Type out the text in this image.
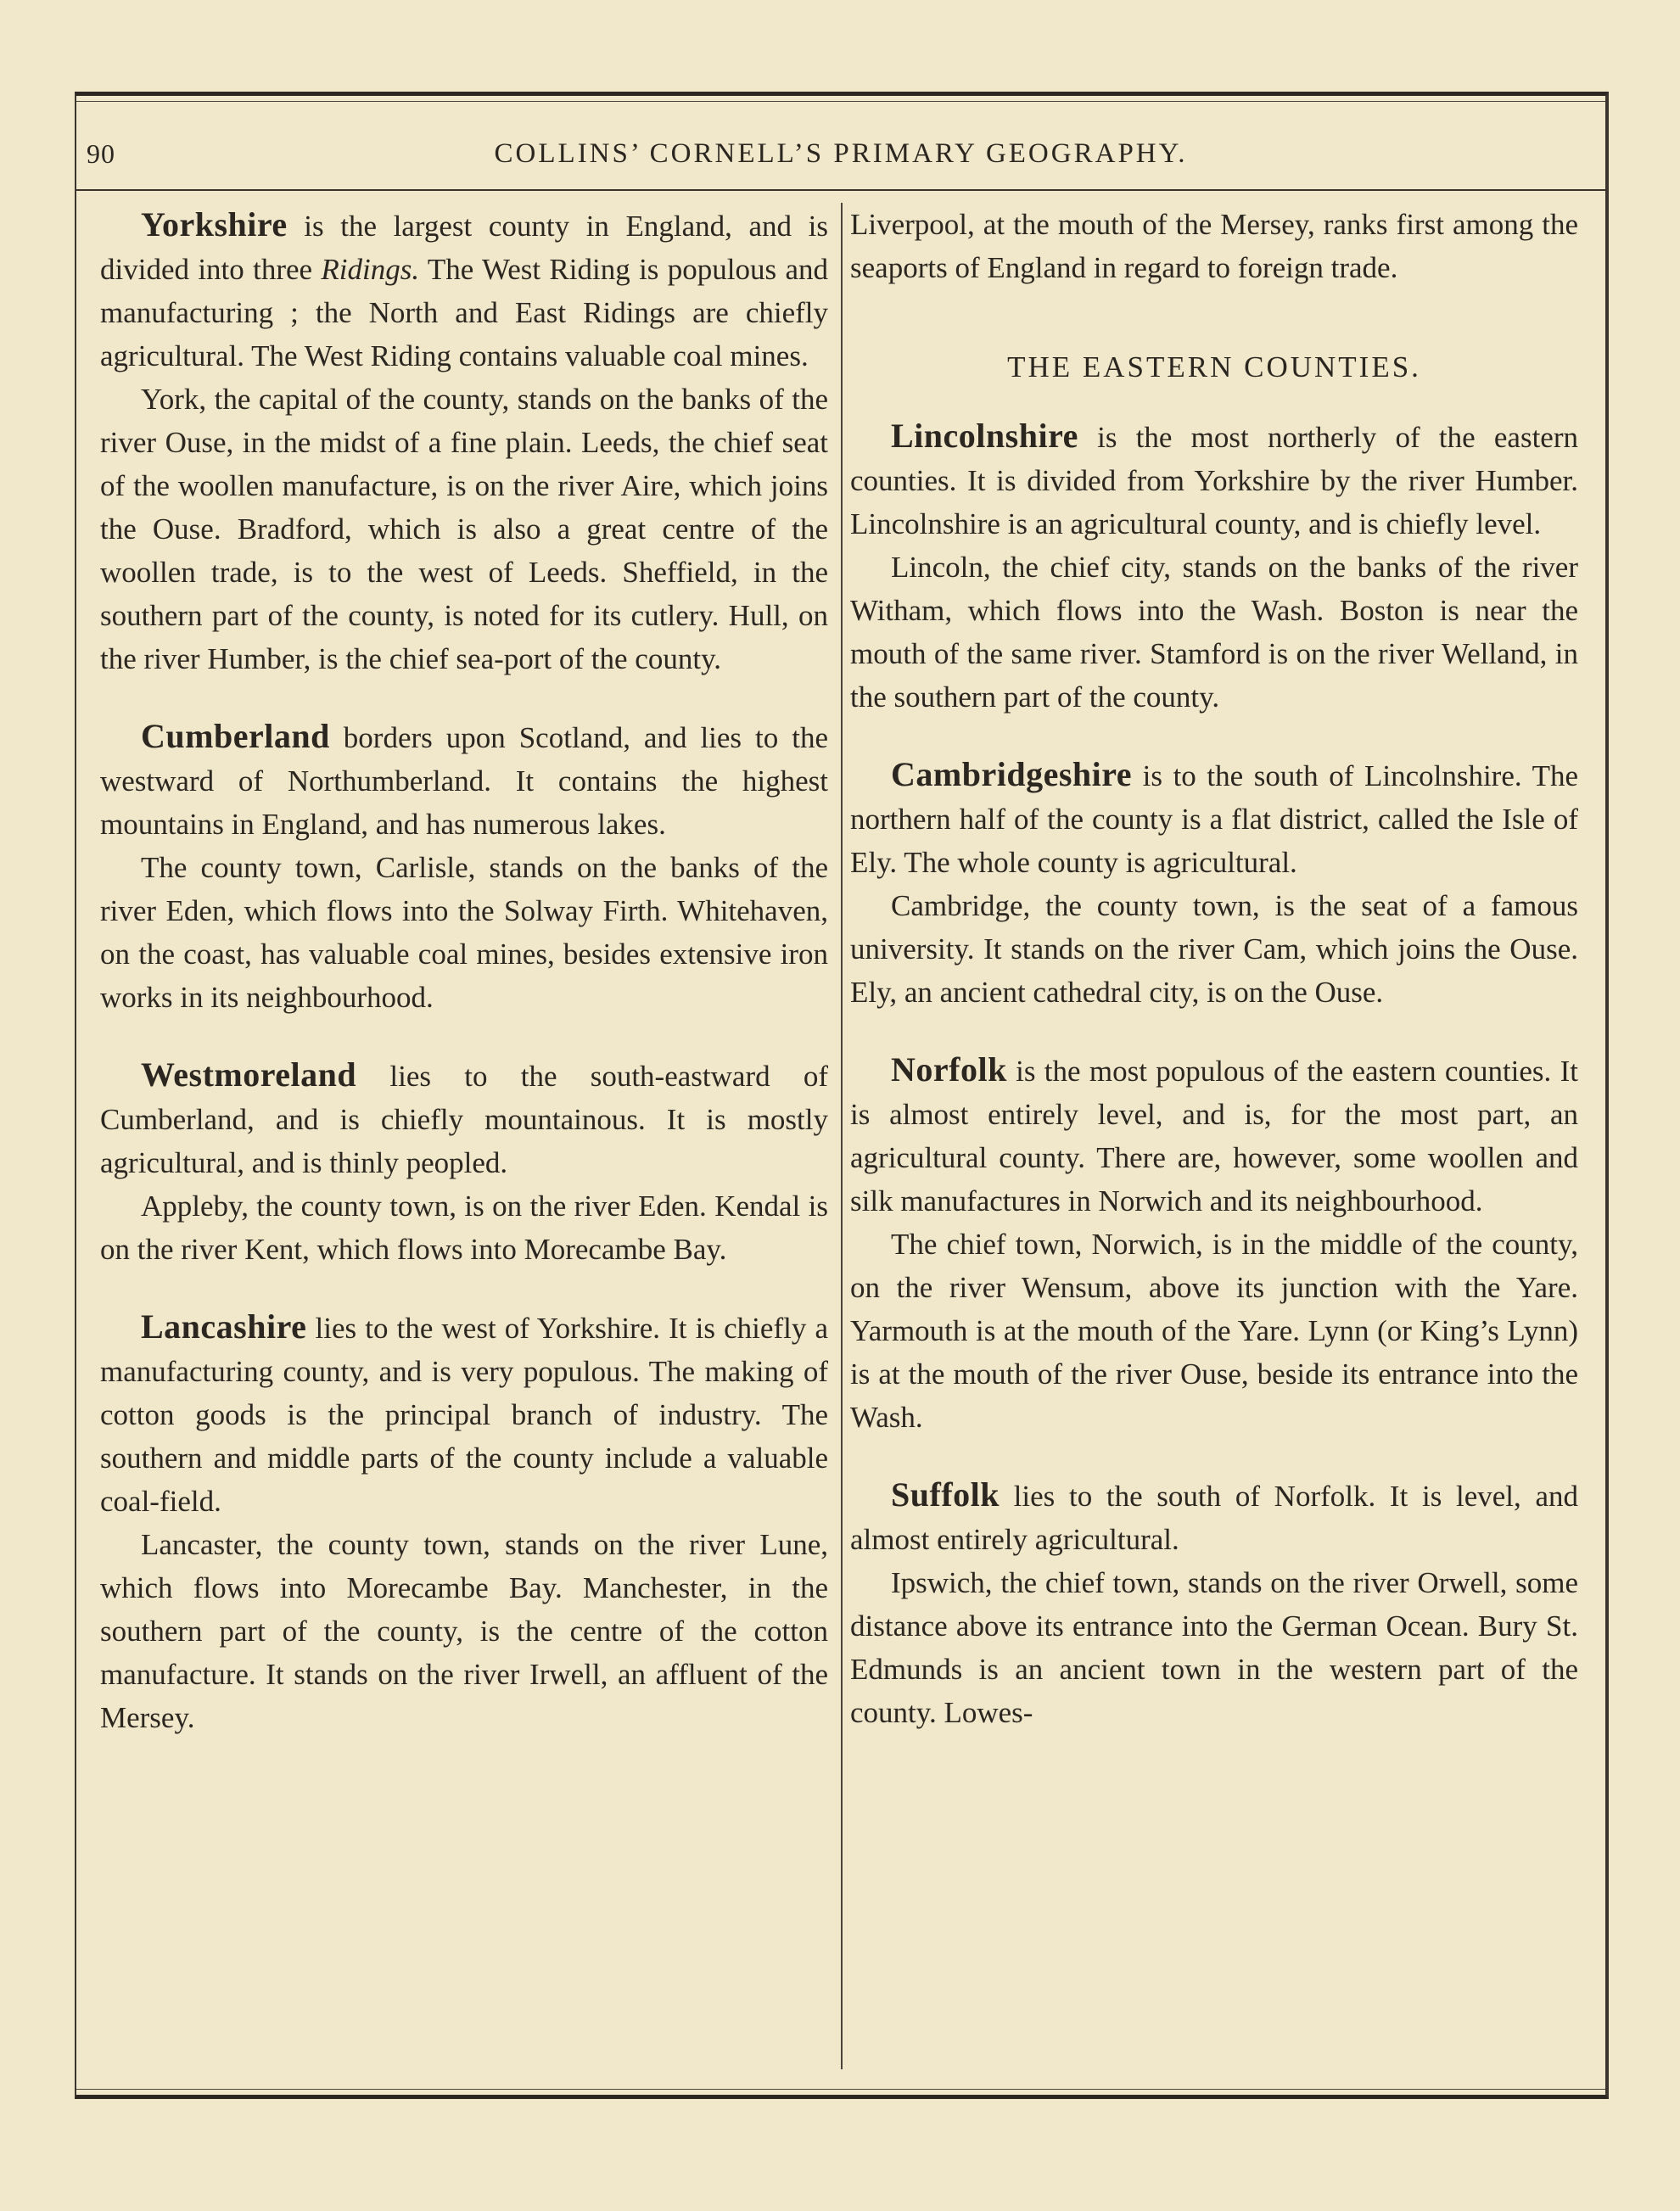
90	COLLINS’ CORNELL’S PRIMARY GEOGRAPHY.

Yorkshire is the largest county in England, and is divided into three Ridings. The West Riding is populous and manufacturing ; the North and East Ridings are chiefly agricultural. The West Riding contains valuable coal mines.

York, the capital of the county, stands on the banks of the river Ouse, in the midst of a fine plain. Leeds, the chief seat of the woollen manufacture, is on the river Aire, which joins the Ouse. Bradford, which is also a great centre of the woollen trade, is to the west of Leeds. Sheffield, in the southern part of the county, is noted for its cutlery. Hull, on the river Humber, is the chief sea-port of the county.

Cumberland borders upon Scotland, and lies to the westward of Northumberland. It contains the highest mountains in England, and has numerous lakes.

The county town, Carlisle, stands on the banks of the river Eden, which flows into the Solway Firth. Whitehaven, on the coast, has valuable coal mines, besides extensive iron works in its neighbourhood.

Westmoreland lies to the south-eastward of Cumberland, and is chiefly mountainous. It is mostly agricultural, and is thinly peopled.

Appleby, the county town, is on the river Eden. Kendal is on the river Kent, which flows into Morecambe Bay.

Lancashire lies to the west of Yorkshire. It is chiefly a manufacturing county, and is very populous. The making of cotton goods is the principal branch of industry. The southern and middle parts of the county include a valuable coal-field.

Lancaster, the county town, stands on the river Lune, which flows into Morecambe Bay. Manchester, in the southern part of the county, is the centre of the cotton manufacture. It stands on the river Irwell, an affluent of the Mersey.

Liverpool, at the mouth of the Mersey, ranks first among the seaports of England in regard to foreign trade.

THE EASTERN COUNTIES.

Lincolnshire is the most northerly of the eastern counties. It is divided from Yorkshire by the river Humber. Lincolnshire is an agricultural county, and is chiefly level.

Lincoln, the chief city, stands on the banks of the river Witham, which flows into the Wash. Boston is near the mouth of the same river. Stamford is on the river Welland, in the southern part of the county.

Cambridgeshire is to the south of Lincolnshire. The northern half of the county is a flat district, called the Isle of Ely. The whole county is agricultural.

Cambridge, the county town, is the seat of a famous university. It stands on the river Cam, which joins the Ouse. Ely, an ancient cathedral city, is on the Ouse.

Norfolk is the most populous of the eastern counties. It is almost entirely level, and is, for the most part, an agricultural county. There are, however, some woollen and silk manufactures in Norwich and its neighbourhood.

The chief town, Norwich, is in the middle of the county, on the river Wensum, above its junction with the Yare. Yarmouth is at the mouth of the Yare. Lynn (or King’s Lynn) is at the mouth of the river Ouse, beside its entrance into the Wash.

Suffolk lies to the south of Norfolk. It is level, and almost entirely agricultural.

Ipswich, the chief town, stands on the river Orwell, some distance above its entrance into the German Ocean. Bury St. Edmunds is an ancient town in the western part of the county. Lowes-
